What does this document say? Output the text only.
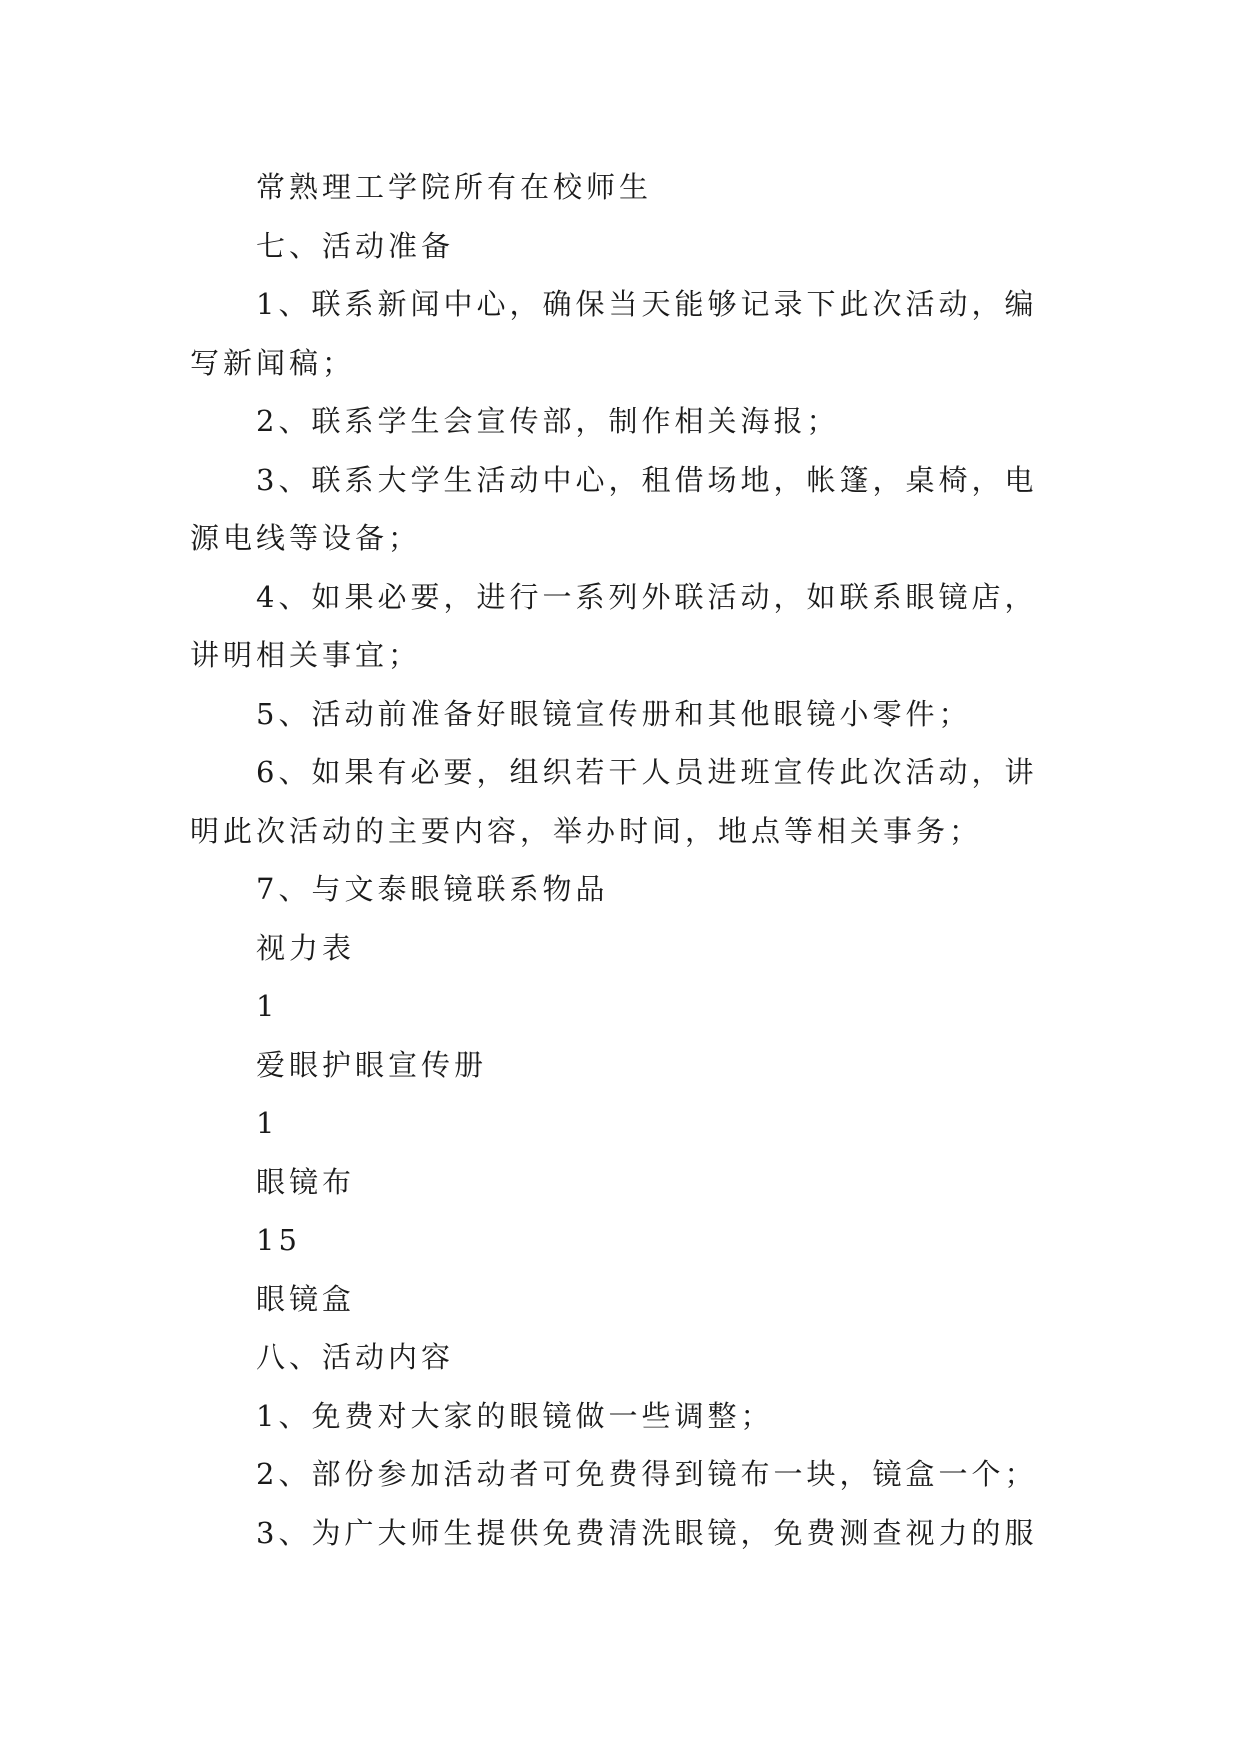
常熟理工学院所有在校师生

七、活动准备

1、联系新闻中心，确保当天能够记录下此次活动，编写新闻稿；

2、联系学生会宣传部，制作相关海报；

3、联系大学生活动中心，租借场地，帐篷，桌椅，电源电线等设备；

4、如果必要，进行一系列外联活动，如联系眼镜店，讲明相关事宜；

5、活动前准备好眼镜宣传册和其他眼镜小零件；

6、如果有必要，组织若干人员进班宣传此次活动，讲明此次活动的主要内容，举办时间，地点等相关事务；

7、与文泰眼镜联系物品

视力表

1

爱眼护眼宣传册

1

眼镜布

15

眼镜盒

八、活动内容

1、免费对大家的眼镜做一些调整；

2、部份参加活动者可免费得到镜布一块，镜盒一个；

3、为广大师生提供免费清洗眼镜，免费测查视力的服
